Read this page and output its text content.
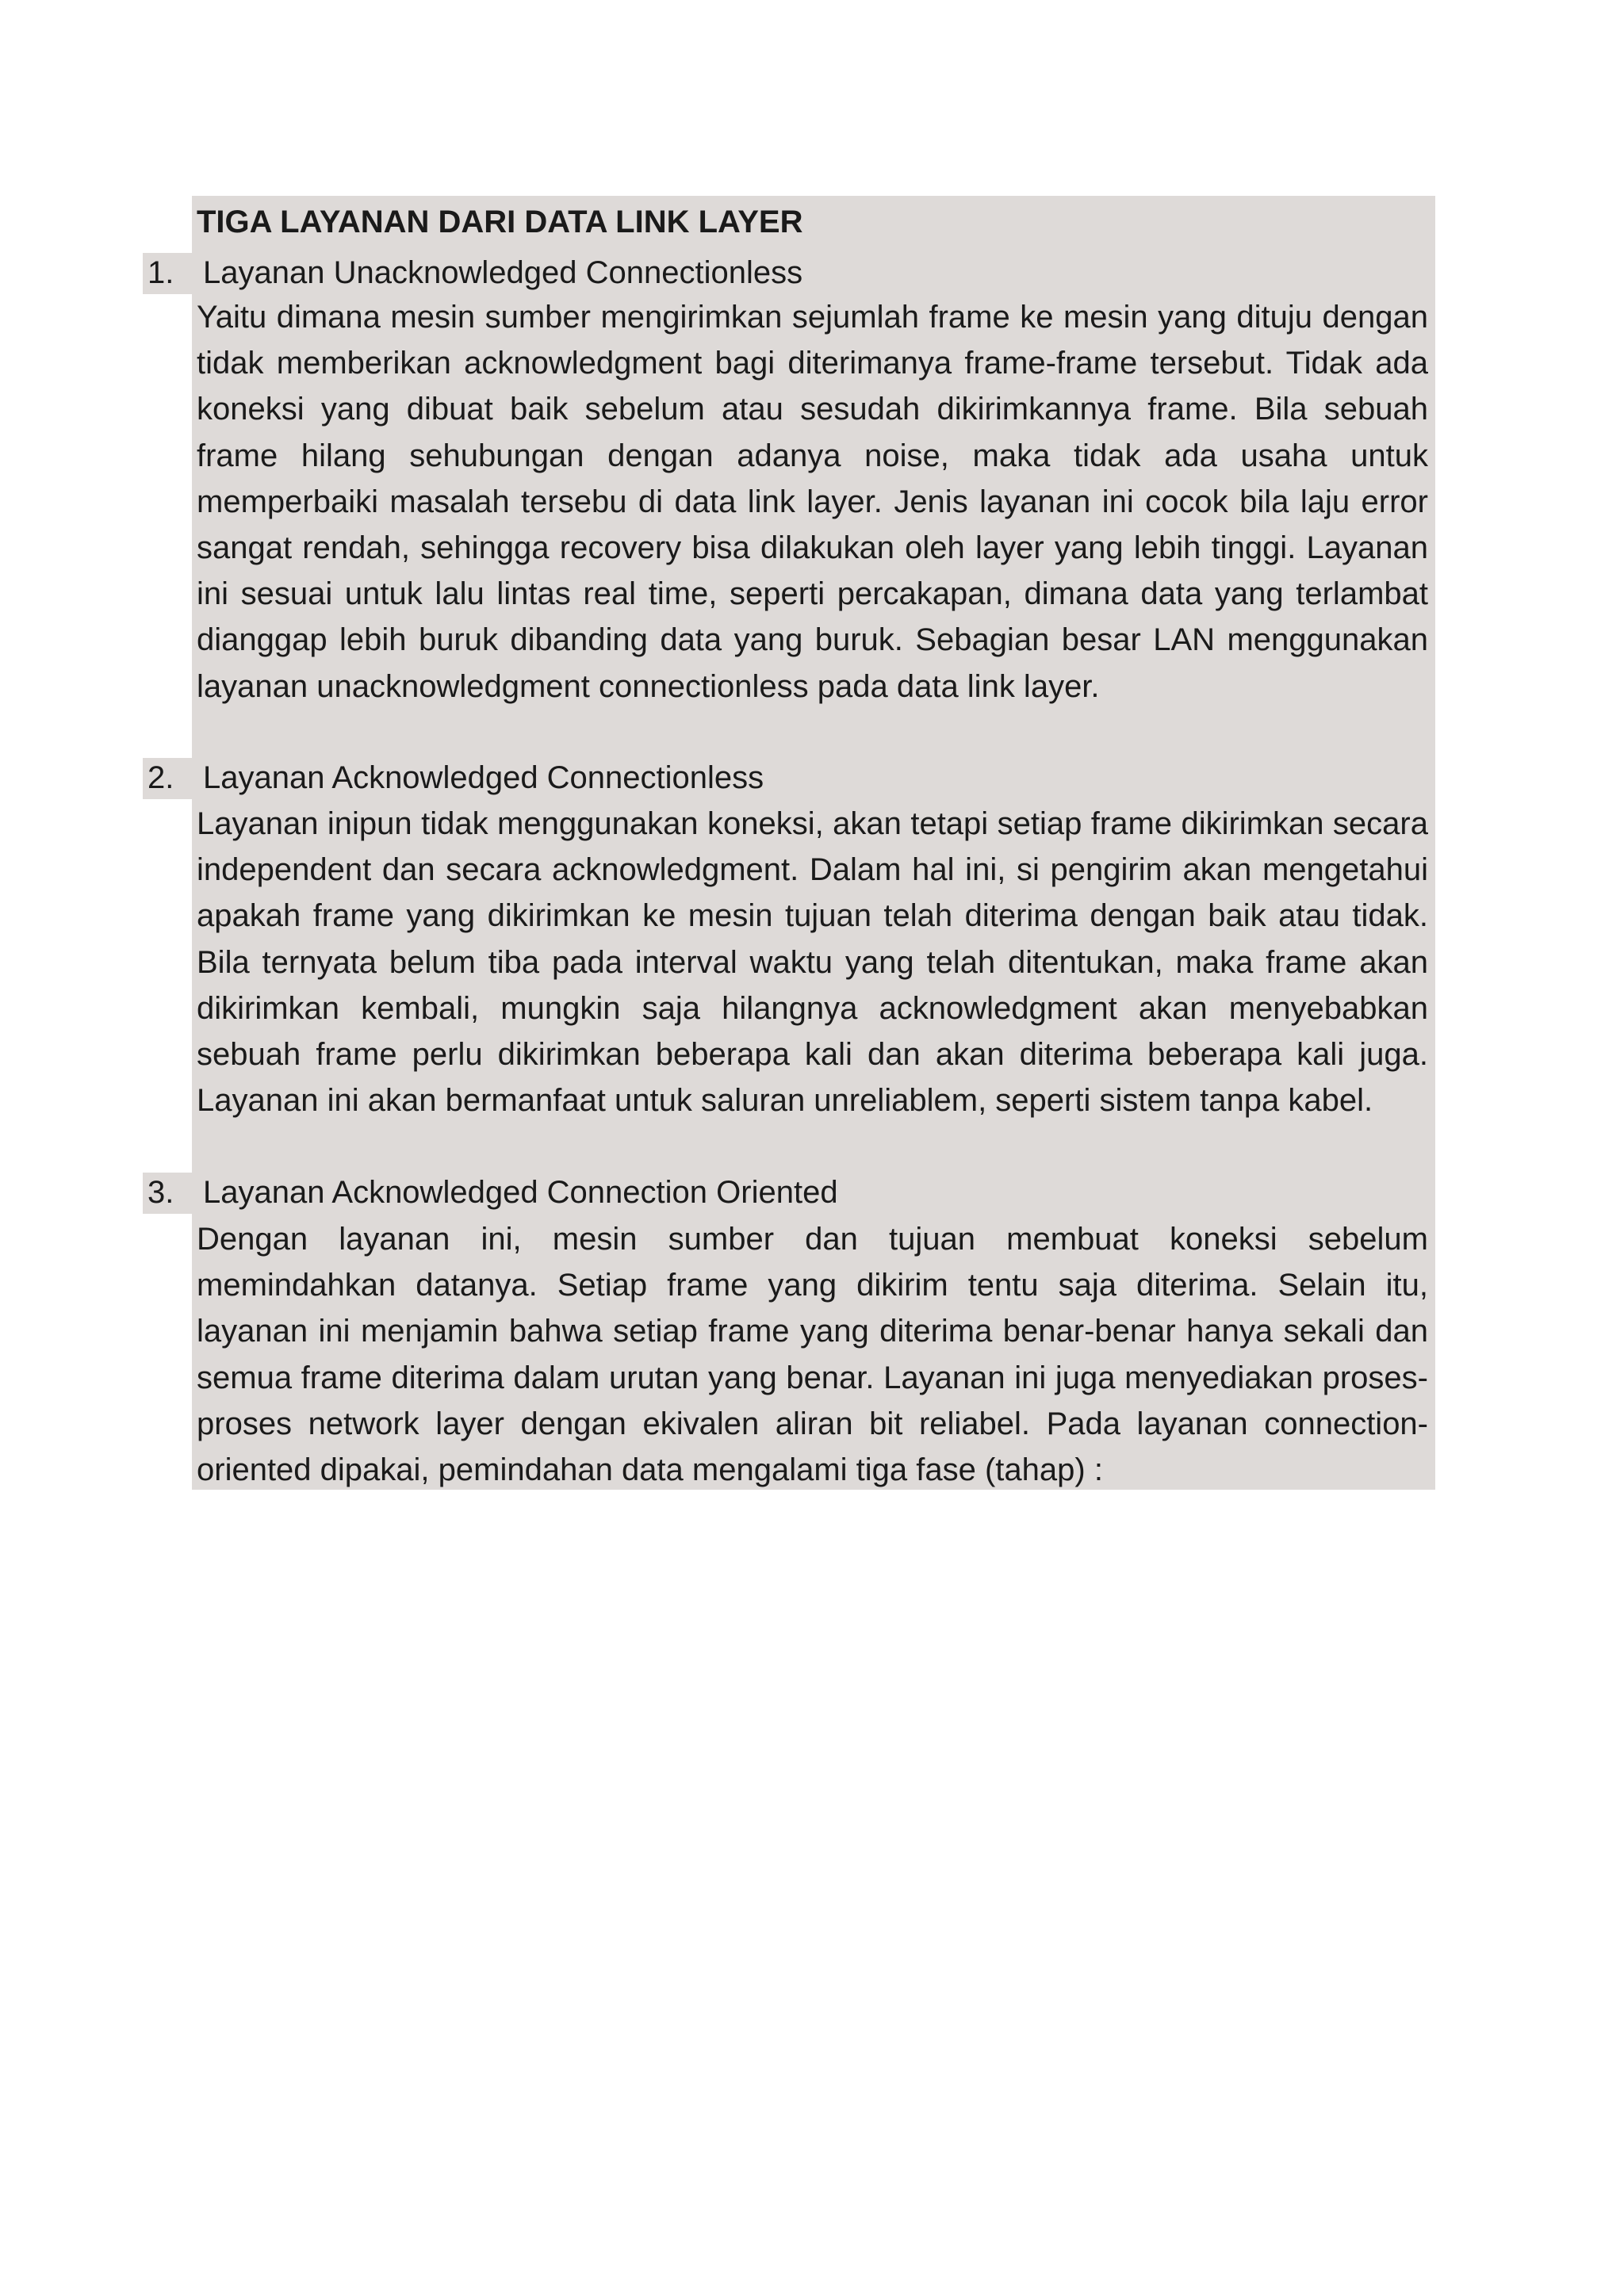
TIGA LAYANAN DARI DATA LINK LAYER
1. Layanan Unacknowledged Connectionless
Yaitu dimana mesin sumber mengirimkan sejumlah frame ke mesin yang dituju dengan tidak memberikan acknowledgment bagi diterimanya frame-frame tersebut. Tidak ada koneksi yang dibuat baik sebelum atau sesudah dikirimkannya frame. Bila sebuah frame hilang sehubungan dengan adanya noise, maka tidak ada usaha untuk memperbaiki masalah tersebu di data link layer. Jenis layanan ini cocok bila laju error sangat rendah, sehingga recovery bisa dilakukan oleh layer yang lebih tinggi. Layanan ini sesuai untuk lalu lintas real time, seperti percakapan, dimana data yang terlambat dianggap lebih buruk dibanding data yang buruk. Sebagian besar LAN menggunakan layanan unacknowledgment connectionless pada data link layer.
2. Layanan Acknowledged Connectionless
Layanan inipun tidak menggunakan koneksi, akan tetapi setiap frame dikirimkan secara independent dan secara acknowledgment. Dalam hal ini, si pengirim akan mengetahui apakah frame yang dikirimkan ke mesin tujuan telah diterima dengan baik atau tidak. Bila ternyata belum tiba pada interval waktu yang telah ditentukan, maka frame akan dikirimkan kembali, mungkin saja hilangnya acknowledgment akan menyebabkan sebuah frame perlu dikirimkan beberapa kali dan akan diterima beberapa kali juga. Layanan ini akan bermanfaat untuk saluran unreliablem, seperti sistem tanpa kabel.
3. Layanan Acknowledged Connection Oriented
Dengan layanan ini, mesin sumber dan tujuan membuat koneksi sebelum memindahkan datanya. Setiap frame yang dikirim tentu saja diterima. Selain itu, layanan ini menjamin bahwa setiap frame yang diterima benar-benar hanya sekali dan semua frame diterima dalam urutan yang benar. Layanan ini juga menyediakan proses-proses network layer dengan ekivalen aliran bit reliabel. Pada layanan connection-oriented dipakai, pemindahan data mengalami tiga fase (tahap) :
